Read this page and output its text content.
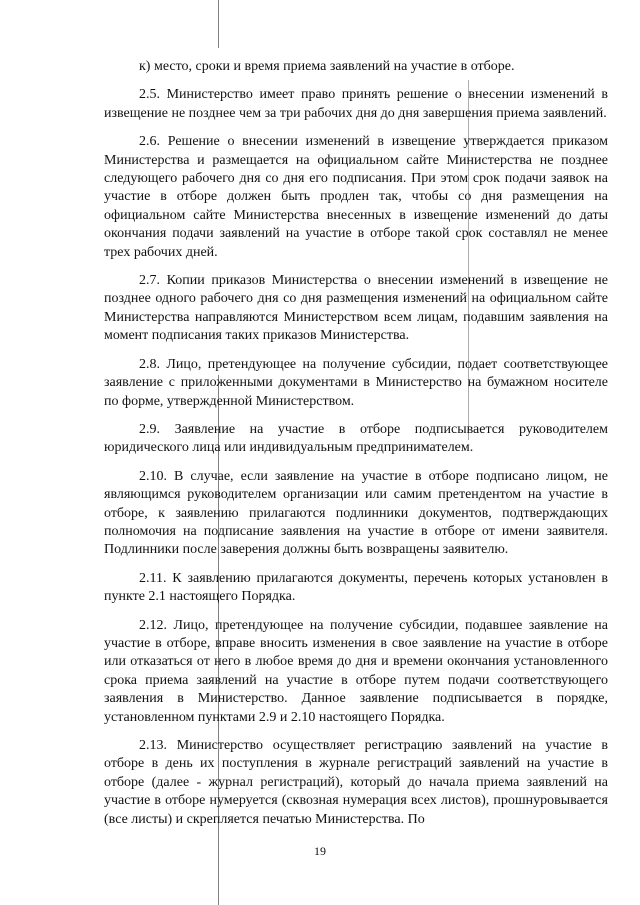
к) место, сроки и время приема заявлений на участие в отборе.

2.5. Министерство имеет право принять решение о внесении изменений в извещение не позднее чем за три рабочих дня до дня завершения приема заявлений.

2.6. Решение о внесении изменений в извещение утверждается приказом Министерства и размещается на официальном сайте Министерства не позднее следующего рабочего дня со дня его подписания. При этом срок подачи заявок на участие в отборе должен быть продлен так, чтобы со дня размещения на официальном сайте Министерства внесенных в извещение изменений до даты окончания подачи заявлений на участие в отборе такой срок составлял не менее трех рабочих дней.

2.7. Копии приказов Министерства о внесении изменений в извещение не позднее одного рабочего дня со дня размещения изменений на официальном сайте Министерства направляются Министерством всем лицам, подавшим заявления на момент подписания таких приказов Министерства.

2.8. Лицо, претендующее на получение субсидии, подает соответствующее заявление с приложенными документами в Министерство на бумажном носителе по форме, утвержденной Министерством.

2.9. Заявление на участие в отборе подписывается руководителем юридического лица или индивидуальным предпринимателем.

2.10. В случае, если заявление на участие в отборе подписано лицом, не являющимся руководителем организации или самим претендентом на участие в отборе, к заявлению прилагаются подлинники документов, подтверждающих полномочия на подписание заявления на участие в отборе от имени заявителя. Подлинники после заверения должны быть возвращены заявителю.

2.11. К заявлению прилагаются документы, перечень которых установлен в пункте 2.1 настоящего Порядка.

2.12. Лицо, претендующее на получение субсидии, подавшее заявление на участие в отборе, вправе вносить изменения в свое заявление на участие в отборе или отказаться от него в любое время до дня и времени окончания установленного срока приема заявлений на участие в отборе путем подачи соответствующего заявления в Министерство. Данное заявление подписывается в порядке, установленном пунктами 2.9 и 2.10 настоящего Порядка.

2.13. Министерство осуществляет регистрацию заявлений на участие в отборе в день их поступления в журнале регистраций заявлений на участие в отборе (далее - журнал регистраций), который до начала приема заявлений на участие в отборе нумеруется (сквозная нумерация всех листов), прошнуровывается (все листы) и скрепляется печатью Министерства. По

19
